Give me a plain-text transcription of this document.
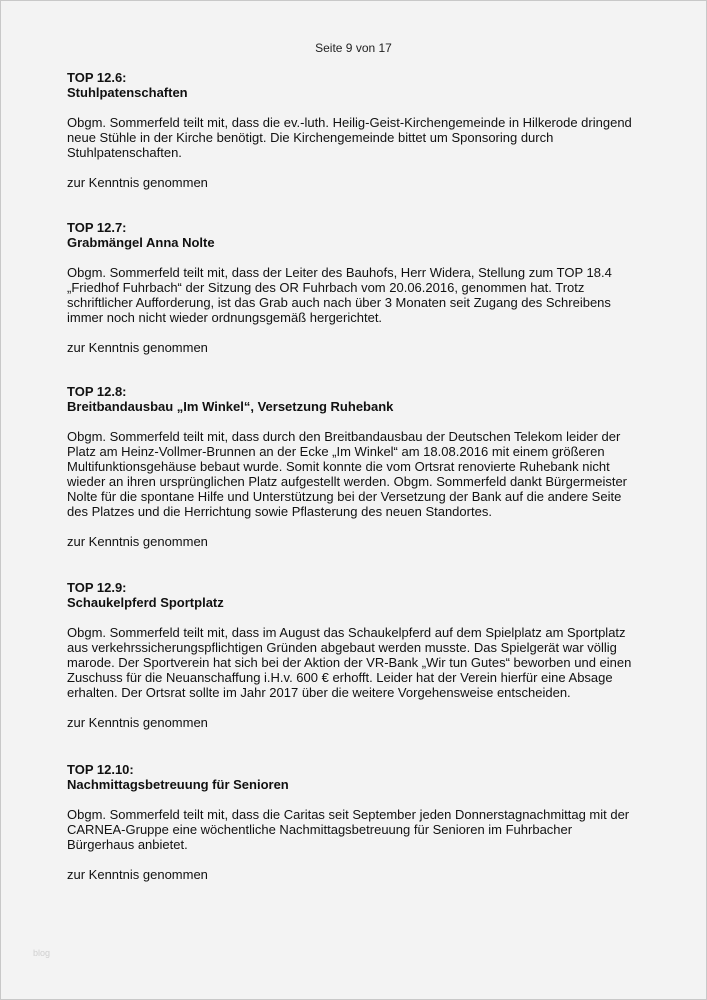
Seite 9 von 17
TOP 12.6:
Stuhlpatenschaften
Obgm. Sommerfeld teilt mit, dass die ev.-luth. Heilig-Geist-Kirchengemeinde in Hilkerode dringend
neue Stühle in der Kirche benötigt. Die Kirchengemeinde bittet um Sponsoring durch
Stuhlpatenschaften.
zur Kenntnis genommen
TOP 12.7:
Grabmängel Anna Nolte
Obgm. Sommerfeld teilt mit, dass der Leiter des Bauhofs, Herr Widera, Stellung zum TOP 18.4
„Friedhof Fuhrbach“ der Sitzung des OR Fuhrbach vom 20.06.2016, genommen hat. Trotz
schriftlicher Aufforderung, ist das Grab auch nach über 3 Monaten seit Zugang des Schreibens
immer noch nicht wieder ordnungsgemäß hergerichtet.
zur Kenntnis genommen
TOP 12.8:
Breitbandausbau „Im Winkel“, Versetzung Ruhebank
Obgm. Sommerfeld teilt mit, dass durch den Breitbandausbau der Deutschen Telekom leider der
Platz am Heinz-Vollmer-Brunnen an der Ecke „Im Winkel“ am 18.08.2016 mit einem größeren
Multifunktionsgehäuse bebaut wurde. Somit konnte die vom Ortsrat renovierte Ruhebank nicht
wieder an ihren ursprünglichen Platz aufgestellt werden. Obgm. Sommerfeld dankt Bürgermeister
Nolte für die spontane Hilfe und Unterstützung bei der Versetzung der Bank auf die andere Seite
des Platzes und die Herrichtung sowie Pflasterung des neuen Standortes.
zur Kenntnis genommen
TOP 12.9:
Schaukelpferd Sportplatz
Obgm. Sommerfeld teilt mit, dass im August das Schaukelpferd auf dem Spielplatz am Sportplatz
aus verkehrssicherungspflichtigen Gründen abgebaut werden musste. Das Spielgerät war völlig
marode. Der Sportverein hat sich bei der Aktion der VR-Bank „Wir tun Gutes“ beworben und einen
Zuschuss für die Neuanschaffung i.H.v. 600 € erhofft. Leider hat der Verein hierfür eine Absage
erhalten. Der Ortsrat sollte im Jahr 2017 über die weitere Vorgehensweise entscheiden.
zur Kenntnis genommen
TOP 12.10:
Nachmittagsbetreuung für Senioren
Obgm. Sommerfeld teilt mit, dass die Caritas seit September jeden Donnerstagnachmittag mit der
CARNEA-Gruppe eine wöchentliche Nachmittagsbetreuung für Senioren im Fuhrbacher
Bürgerhaus anbietet.
zur Kenntnis genommen
blog
